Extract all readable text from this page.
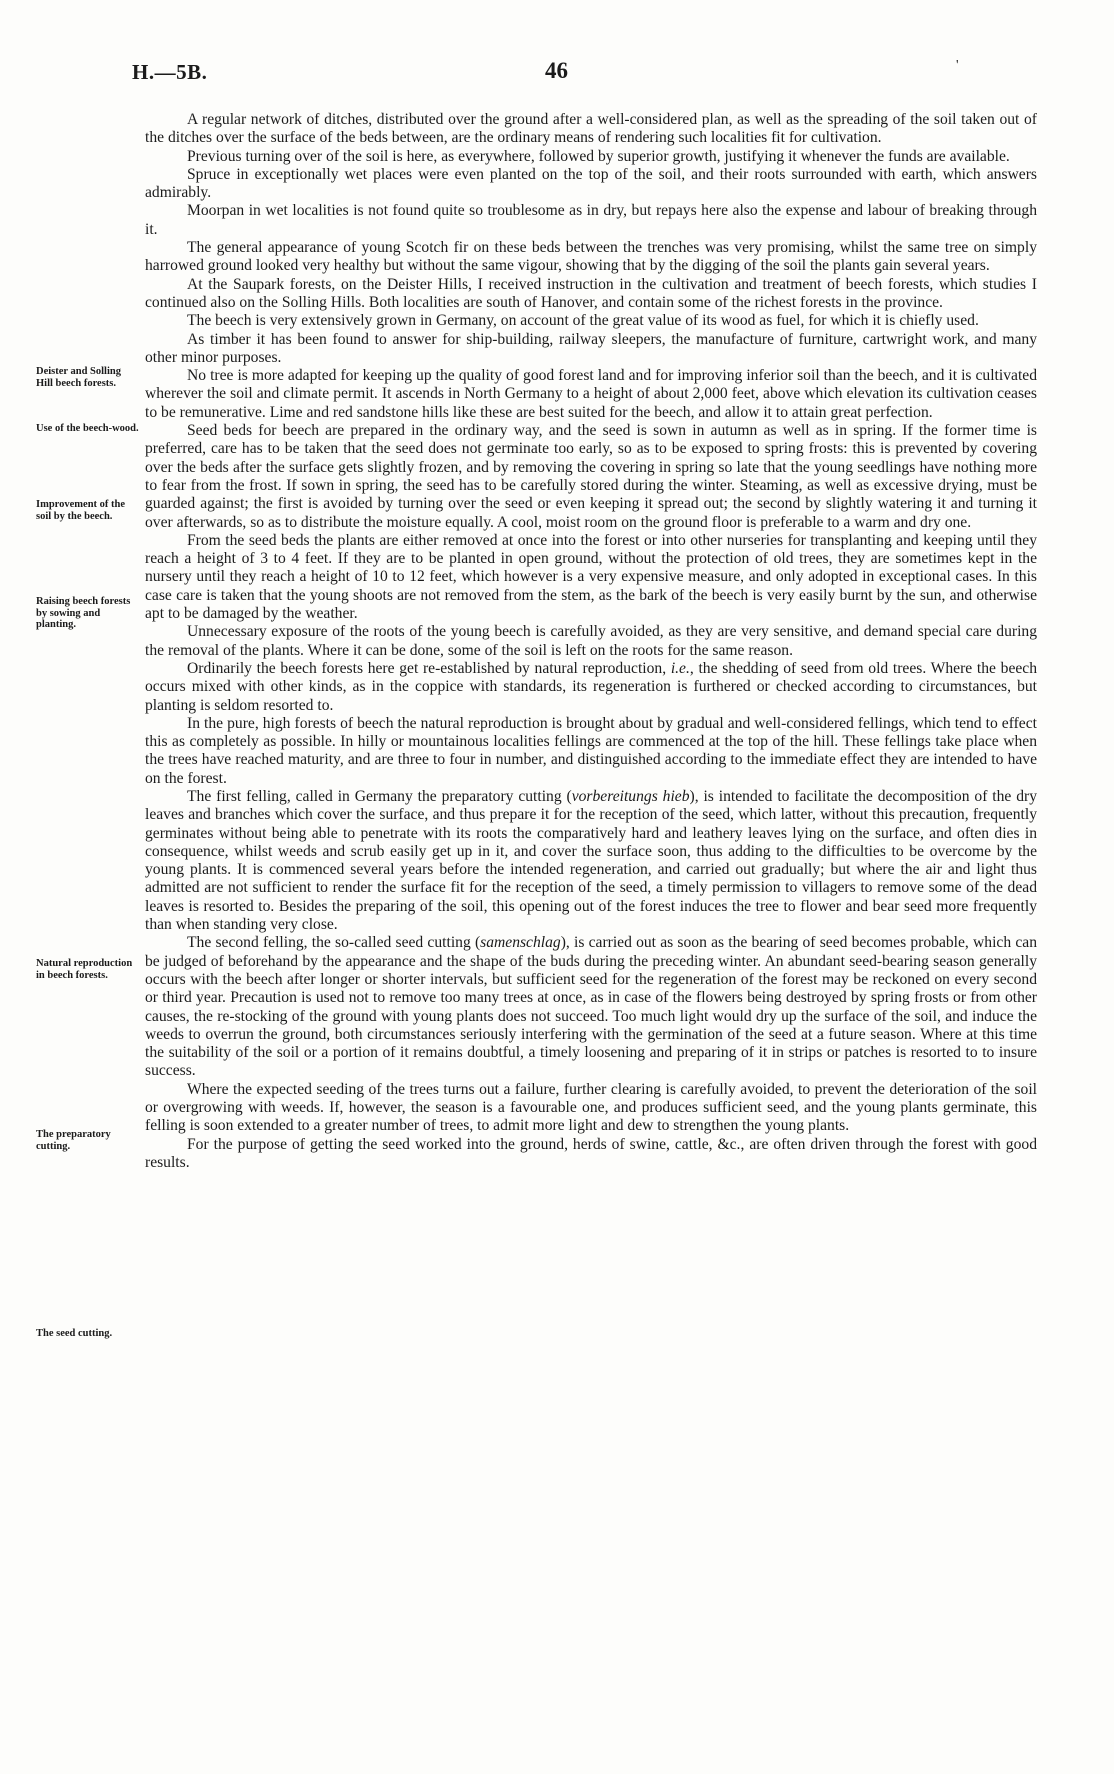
H.—5B.	46	'
Deister and Solling Hill beech forests.
Use of the beech-wood.
Improvement of the soil by the beech.
Raising beech forests by sowing and planting.
Natural reproduction in beech forests.
The preparatory cutting.
The seed cutting.

A regular network of ditches, distributed over the ground after a well-considered plan, as well as the spreading of the soil taken out of the ditches over the surface of the beds between, are the ordinary means of rendering such localities fit for cultivation.

Previous turning over of the soil is here, as everywhere, followed by superior growth, justifying it whenever the funds are available.

Spruce in exceptionally wet places were even planted on the top of the soil, and their roots surrounded with earth, which answers admirably.

Moorpan in wet localities is not found quite so troublesome as in dry, but repays here also the expense and labour of breaking through it.

The general appearance of young Scotch fir on these beds between the trenches was very promising, whilst the same tree on simply harrowed ground looked very healthy but without the same vigour, showing that by the digging of the soil the plants gain several years.

At the Saupark forests, on the Deister Hills, I received instruction in the cultivation and treatment of beech forests, which studies I continued also on the Solling Hills. Both localities are south of Hanover, and contain some of the richest forests in the province.

The beech is very extensively grown in Germany, on account of the great value of its wood as fuel, for which it is chiefly used.

As timber it has been found to answer for ship-building, railway sleepers, the manufacture of furniture, cartwright work, and many other minor purposes.

No tree is more adapted for keeping up the quality of good forest land and for improving inferior soil than the beech, and it is cultivated wherever the soil and climate permit. It ascends in North Germany to a height of about 2,000 feet, above which elevation its cultivation ceases to be remunerative. Lime and red sandstone hills like these are best suited for the beech, and allow it to attain great perfection.

Seed beds for beech are prepared in the ordinary way, and the seed is sown in autumn as well as in spring. If the former time is preferred, care has to be taken that the seed does not germinate too early, so as to be exposed to spring frosts: this is prevented by covering over the beds after the surface gets slightly frozen, and by removing the covering in spring so late that the young seedlings have nothing more to fear from the frost. If sown in spring, the seed has to be carefully stored during the winter. Steaming, as well as excessive drying, must be guarded against; the first is avoided by turning over the seed or even keeping it spread out; the second by slightly watering it and turning it over afterwards, so as to distribute the moisture equally. A cool, moist room on the ground floor is preferable to a warm and dry one.

From the seed beds the plants are either removed at once into the forest or into other nurseries for transplanting and keeping until they reach a height of 3 to 4 feet. If they are to be planted in open ground, without the protection of old trees, they are sometimes kept in the nursery until they reach a height of 10 to 12 feet, which however is a very expensive measure, and only adopted in exceptional cases. In this case care is taken that the young shoots are not removed from the stem, as the bark of the beech is very easily burnt by the sun, and otherwise apt to be damaged by the weather.

Unnecessary exposure of the roots of the young beech is carefully avoided, as they are very sensitive, and demand special care during the removal of the plants. Where it can be done, some of the soil is left on the roots for the same reason.

Ordinarily the beech forests here get re-established by natural reproduction, i.e., the shedding of seed from old trees. Where the beech occurs mixed with other kinds, as in the coppice with standards, its regeneration is furthered or checked according to circumstances, but planting is seldom resorted to.

In the pure, high forests of beech the natural reproduction is brought about by gradual and well-considered fellings, which tend to effect this as completely as possible. In hilly or mountainous localities fellings are commenced at the top of the hill. These fellings take place when the trees have reached maturity, and are three to four in number, and distinguished according to the immediate effect they are intended to have on the forest.

The first felling, called in Germany the preparatory cutting (vorbereitungs hieb), is intended to facilitate the decomposition of the dry leaves and branches which cover the surface, and thus prepare it for the reception of the seed, which latter, without this precaution, frequently germinates without being able to penetrate with its roots the comparatively hard and leathery leaves lying on the surface, and often dies in consequence, whilst weeds and scrub easily get up in it, and cover the surface soon, thus adding to the difficulties to be overcome by the young plants. It is commenced several years before the intended regeneration, and carried out gradually; but where the air and light thus admitted are not sufficient to render the surface fit for the reception of the seed, a timely permission to villagers to remove some of the dead leaves is resorted to. Besides the preparing of the soil, this opening out of the forest induces the tree to flower and bear seed more frequently than when standing very close.

The second felling, the so-called seed cutting (samenschlag), is carried out as soon as the bearing of seed becomes probable, which can be judged of beforehand by the appearance and the shape of the buds during the preceding winter. An abundant seed-bearing season generally occurs with the beech after longer or shorter intervals, but sufficient seed for the regeneration of the forest may be reckoned on every second or third year. Precaution is used not to remove too many trees at once, as in case of the flowers being destroyed by spring frosts or from other causes, the re-stocking of the ground with young plants does not succeed. Too much light would dry up the surface of the soil, and induce the weeds to overrun the ground, both circumstances seriously interfering with the germination of the seed at a future season. Where at this time the suitability of the soil or a portion of it remains doubtful, a timely loosening and preparing of it in strips or patches is resorted to to insure success.

Where the expected seeding of the trees turns out a failure, further clearing is carefully avoided, to prevent the deterioration of the soil or overgrowing with weeds. If, however, the season is a favourable one, and produces sufficient seed, and the young plants germinate, this felling is soon extended to a greater number of trees, to admit more light and dew to strengthen the young plants.

For the purpose of getting the seed worked into the ground, herds of swine, cattle, &c., are often driven through the forest with good results.
